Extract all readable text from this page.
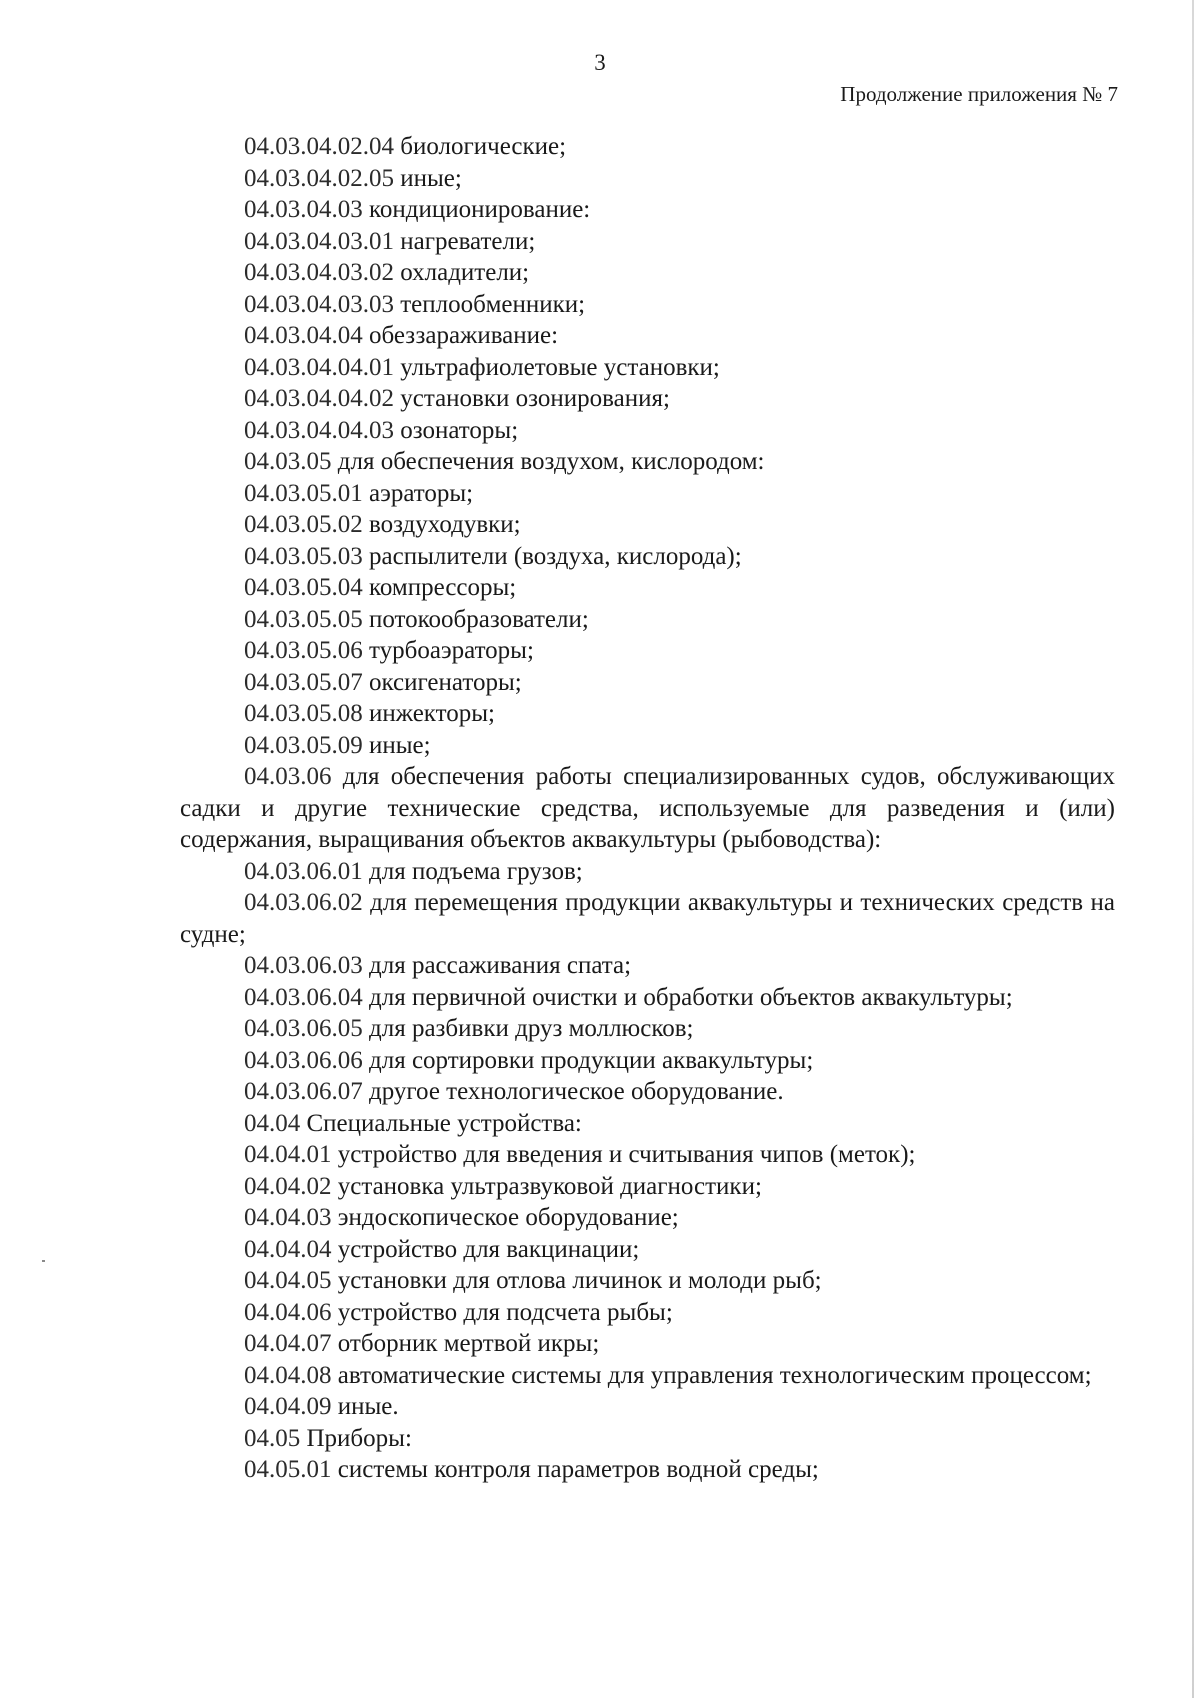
3
Продолжение приложения № 7

04.03.04.02.04 биологические;

04.03.04.02.05 иные;

04.03.04.03 кондиционирование:

04.03.04.03.01 нагреватели;

04.03.04.03.02 охладители;

04.03.04.03.03 теплообменники;

04.03.04.04 обеззараживание:

04.03.04.04.01 ультрафиолетовые установки;

04.03.04.04.02 установки озонирования;

04.03.04.04.03 озонаторы;

04.03.05 для обеспечения воздухом, кислородом:

04.03.05.01 аэраторы;

04.03.05.02 воздуходувки;

04.03.05.03 распылители (воздуха, кислорода);

04.03.05.04 компрессоры;

04.03.05.05 потокообразователи;

04.03.05.06 турбоаэраторы;

04.03.05.07 оксигенаторы;

04.03.05.08 инжекторы;

04.03.05.09 иные;

04.03.06 для обеспечения работы специализированных судов, обслуживающих садки и другие технические средства, используемые для разведения и (или) содержания, выращивания объектов аквакультуры (рыбоводства):

04.03.06.01 для подъема грузов;

04.03.06.02 для перемещения продукции аквакультуры и технических средств на судне;

04.03.06.03 для рассаживания спата;

04.03.06.04 для первичной очистки и обработки объектов аквакультуры;

04.03.06.05 для разбивки друз моллюсков;

04.03.06.06 для сортировки продукции аквакультуры;

04.03.06.07 другое технологическое оборудование.

04.04 Специальные устройства:

04.04.01 устройство для введения и считывания чипов (меток);

04.04.02 установка ультразвуковой диагностики;

04.04.03 эндоскопическое оборудование;

04.04.04 устройство для вакцинации;

04.04.05 установки для отлова личинок и молоди рыб;

04.04.06 устройство для подсчета рыбы;

04.04.07 отборник мертвой икры;

04.04.08 автоматические системы для управления технологическим процессом;

04.04.09 иные.

04.05 Приборы:

04.05.01 системы контроля параметров водной среды;
